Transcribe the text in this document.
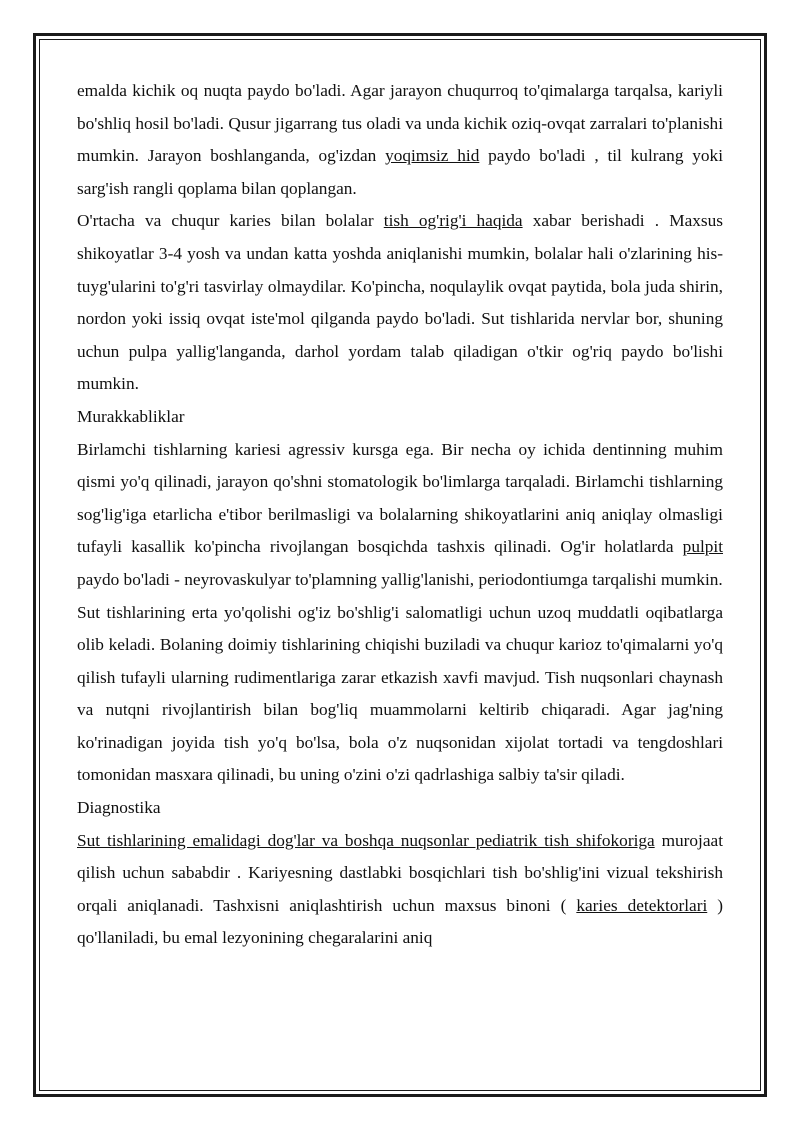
emalda kichik oq nuqta paydo bo'ladi. Agar jarayon chuqurroq to'qimalarga tarqalsa, kariyli bo'shliq hosil bo'ladi. Qusur jigarrang tus oladi va unda kichik oziq-ovqat zarralari to'planishi mumkin. Jarayon boshlanganda, og'izdan yoqimsiz hid paydo bo'ladi , til kulrang yoki sarg'ish rangli qoplama bilan qoplangan.

O'rtacha va chuqur karies bilan bolalar tish og'rig'i haqida xabar berishadi . Maxsus shikoyatlar 3-4 yosh va undan katta yoshda aniqlanishi mumkin, bolalar hali o'zlarining his-tuyg'ularini to'g'ri tasvirlay olmaydilar. Ko'pincha, noqulaylik ovqat paytida, bola juda shirin, nordon yoki issiq ovqat iste'mol qilganda paydo bo'ladi. Sut tishlarida nervlar bor, shuning uchun pulpa yallig'langanda, darhol yordam talab qiladigan o'tkir og'riq paydo bo'lishi mumkin.

Murakkabliklar

Birlamchi tishlarning kariesi agressiv kursga ega. Bir necha oy ichida dentinning muhim qismi yo'q qilinadi, jarayon qo'shni stomatologik bo'limlarga tarqaladi. Birlamchi tishlarning sog'lig'iga etarlicha e'tibor berilmasligi va bolalarning shikoyatlarini aniq aniqlay olmasligi tufayli kasallik ko'pincha rivojlangan bosqichda tashxis qilinadi. Og'ir holatlarda pulpit paydo bo'ladi - neyrovaskulyar to'plamning yallig'lanishi, periodontiumga tarqalishi mumkin.

Sut tishlarining erta yo'qolishi og'iz bo'shlig'i salomatligi uchun uzoq muddatli oqibatlarga olib keladi. Bolaning doimiy tishlarining chiqishi buziladi va chuqur karioz to'qimalarni yo'q qilish tufayli ularning rudimentlariga zarar etkazish xavfi mavjud. Tish nuqsonlari chaynash va nutqni rivojlantirish bilan bog'liq muammolarni keltirib chiqaradi. Agar jag'ning ko'rinadigan joyida tish yo'q bo'lsa, bola o'z nuqsonidan xijolat tortadi va tengdoshlari tomonidan masxara qilinadi, bu uning o'zini o'zi qadrlashiga salbiy ta'sir qiladi.

Diagnostika

Sut tishlarining emalidagi dog'lar va boshqa nuqsonlar pediatrik tish shifokoriga murojaat qilish uchun sababdir . Kariyesning dastlabki bosqichlari tish bo'shlig'ini vizual tekshirish orqali aniqlanadi. Tashxisni aniqlashtirish uchun maxsus binoni ( karies detektorlari ) qo'llaniladi, bu emal lezyonining chegaralarini aniq
